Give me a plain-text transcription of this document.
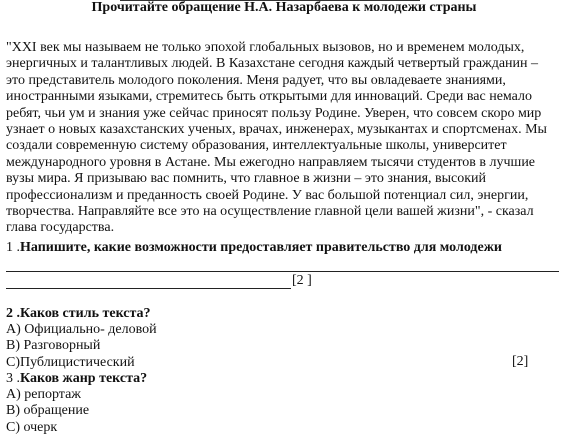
Прочитайте обращение Н.А. Назарбаева к молодежи страны
"XXI век мы называем не только эпохой глобальных вызовов, но и временем молодых,
энергичных и талантливых людей. В Казахстане сегодня каждый четвертый гражданин –
это представитель молодого поколения. Меня радует, что вы овладеваете знаниями,
иностранными языками, стремитесь быть открытыми для инноваций. Среди вас немало
ребят, чьи ум и знания уже сейчас приносят пользу Родине. Уверен, что совсем скоро мир
узнает о новых казахстанских ученых, врачах, инженерах, музыкантах и спортсменах. Мы
создали современную систему образования, интеллектуальные школы, университет
международного уровня в Астане. Мы ежегодно направляем тысячи студентов в лучшие
вузы мира. Я призываю вас помнить, что главное в жизни – это знания, высокий
профессионализм и преданность своей Родине. У вас большой потенциал сил, энергии,
творчества. Направляйте все это на осуществление главной цели вашей жизни", - сказал
глава государства.
1 .Напишите, какие возможности предоставляет правительство для молодежи
[2 ]
2 .Каков стиль текста?
А) Официально- деловой
В) Разговорный
С)Публицистический	[2]
3 .Каков жанр текста?
А) репортаж
В) обращение
С) очерк
